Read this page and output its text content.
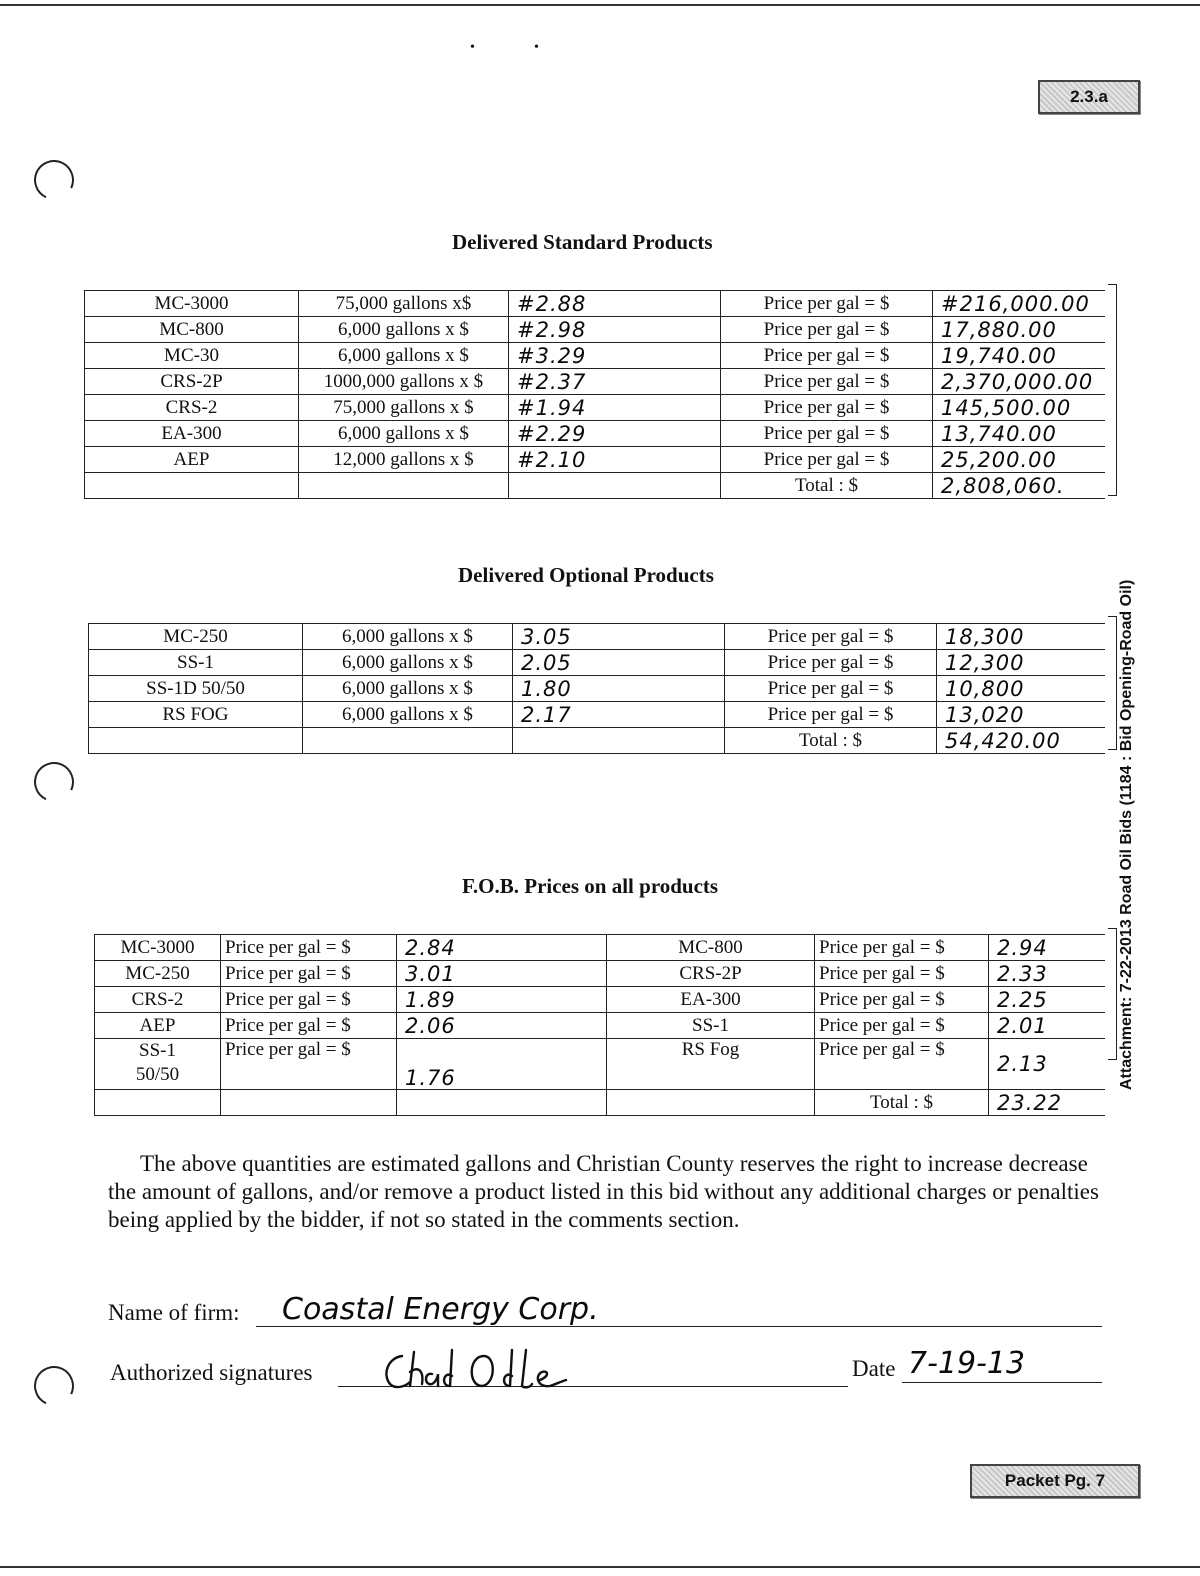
2.3.a
•	•
Delivered Standard Products
MC-3000	75,000 gallons x$	#2.88	Price per gal = $	#216,000.00
MC-800	6,000 gallons x $	#2.98	Price per gal = $	17,880.00
MC-30	6,000 gallons x $	#3.29	Price per gal = $	19,740.00
CRS-2P	1000,000 gallons x $	#2.37	Price per gal = $	2,370,000.00
CRS-2	75,000 gallons x $	#1.94	Price per gal = $	145,500.00
EA-300	6,000 gallons x $	#2.29	Price per gal = $	13,740.00
AEP	12,000 gallons x $	#2.10	Price per gal = $	25,200.00
			Total : $	2,808,060.
Delivered Optional Products
MC-250	6,000 gallons x $	3.05	Price per gal = $	18,300
SS-1	6,000 gallons x $	2.05	Price per gal = $	12,300
SS-1D 50/50	6,000 gallons x $	1.80	Price per gal = $	10,800
RS FOG	6,000 gallons x $	2.17	Price per gal = $	13,020
			Total : $	54,420.00
F.O.B. Prices on all products
MC-3000	Price per gal = $	2.84	MC-800	Price per gal = $	2.94
MC-250	Price per gal = $	3.01	CRS-2P	Price per gal = $	2.33
CRS-2	Price per gal = $	1.89	EA-300	Price per gal = $	2.25
AEP	Price per gal = $	2.06	SS-1	Price per gal = $	2.01

SS-1
50/50	Price per gal = $	1.76	RS Fog	Price per gal = $	2.13
				Total : $	23.22
Attachment: 7-22-2013 Road Oil Bids (1184 : Bid Opening-Road Oil)
The above quantities are estimated gallons and Christian County reserves the right to increase decrease the amount of gallons, and/or remove a product listed in this bid without any additional charges or penalties being applied by the bidder, if not so stated in the comments section.
Name of firm: Coastal Energy Corp.
Authorized signatures	Date 7-19-13
Packet Pg. 7
